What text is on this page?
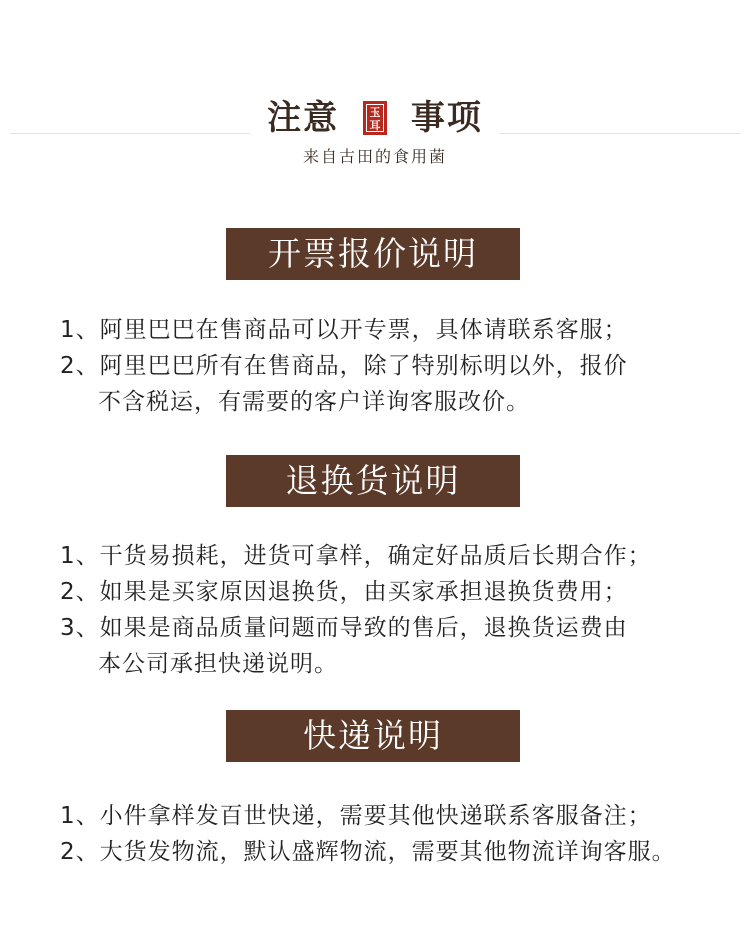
注意	玉
耳 事项
来自古田的食用菌
开票报价说明
1、阿里巴巴在售商品可以开专票，具体请联系客服；
2、阿里巴巴所有在售商品，除了特别标明以外，报价
不含税运，有需要的客户详询客服改价。
退换货说明
1、干货易损耗，进货可拿样，确定好品质后长期合作；
2、如果是买家原因退换货，由买家承担退换货费用；
3、如果是商品质量问题而导致的售后，退换货运费由
本公司承担快递说明。
快递说明
1、小件拿样发百世快递，需要其他快递联系客服备注；
2、大货发物流，默认盛辉物流，需要其他物流详询客服。
